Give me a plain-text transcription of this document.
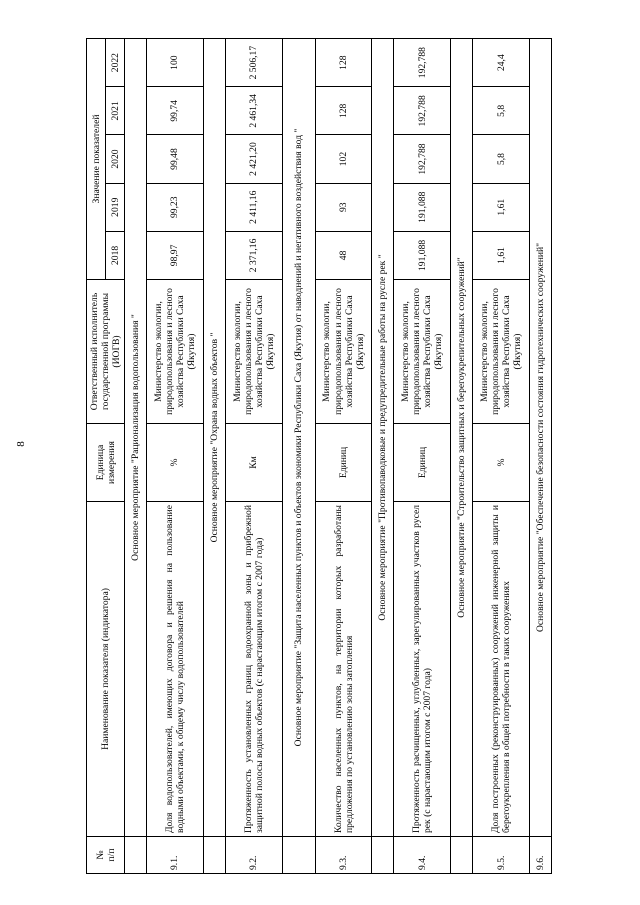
8
№
п/п	Наименование показателя (индикатора)	Единица измерения	Ответственный исполнитель государственной программы (ИОГВ)	Значение показателей				
				2018	2019	2020	2021	2022
	Основное мероприятие "Рационализация водопользования "							
9.1.	Доля водопользователей, имеющих договора и решения на пользование водными объектами, к общему числу водопользователей	%	Министерство экологии, природопользования и лесного хозяйства Республики Саха (Якутия)	98,97	99,23	99,48	99,74	100
	Основное мероприятие "Охрана водных объектов "							
9.2.	Протяженность установленных границ водоохранной зоны и прибрежной защитной полосы водных объектов (с нарастающим итогом с 2007 года)	Км	Министерство экологии, природопользования и лесного хозяйства Республики Саха (Якутия)	2 371,16	2 411,16	2 421,20	2 461,34	2 506,17
	Основное мероприятие "Защита населенных пунктов и объектов экономики Республики Саха (Якутия) от наводнений и негативного воздействия вод "							
9.3.	Количество населенных пунктов, на территории которых разработаны предложения по установлению зоны затопления	Единиц	Министерство экологии, природопользования и лесного хозяйства Республики Саха (Якутия)	48	93	102	128	128
	Основное мероприятие "Противопаводковые и предупредительные работы на русле рек "							
9.4.	Протяженность расчищенных, углубленных, зарегулированных участков русел рек (с нарастающим итогом с 2007 года)	Единиц	Министерство экологии, природопользования и лесного хозяйства Республики Саха (Якутия)	191,088	191,088	192,788	192,788	192,788
	Основное мероприятие "Строительство защитных и берегоукрепительных сооружений"							
9.5.	Доля построенных (реконструированных) сооружений инженерной защиты и берегоукрепления в общей потребности в таких сооружениях	%	Министерство экологии, природопользования и лесного хозяйства Республики Саха (Якутия)	1,61	1,61	5,8	5,8	24,4
9.6.	Основное мероприятие "Обеспечение безопасности состояния гидротехнических сооружений"							
